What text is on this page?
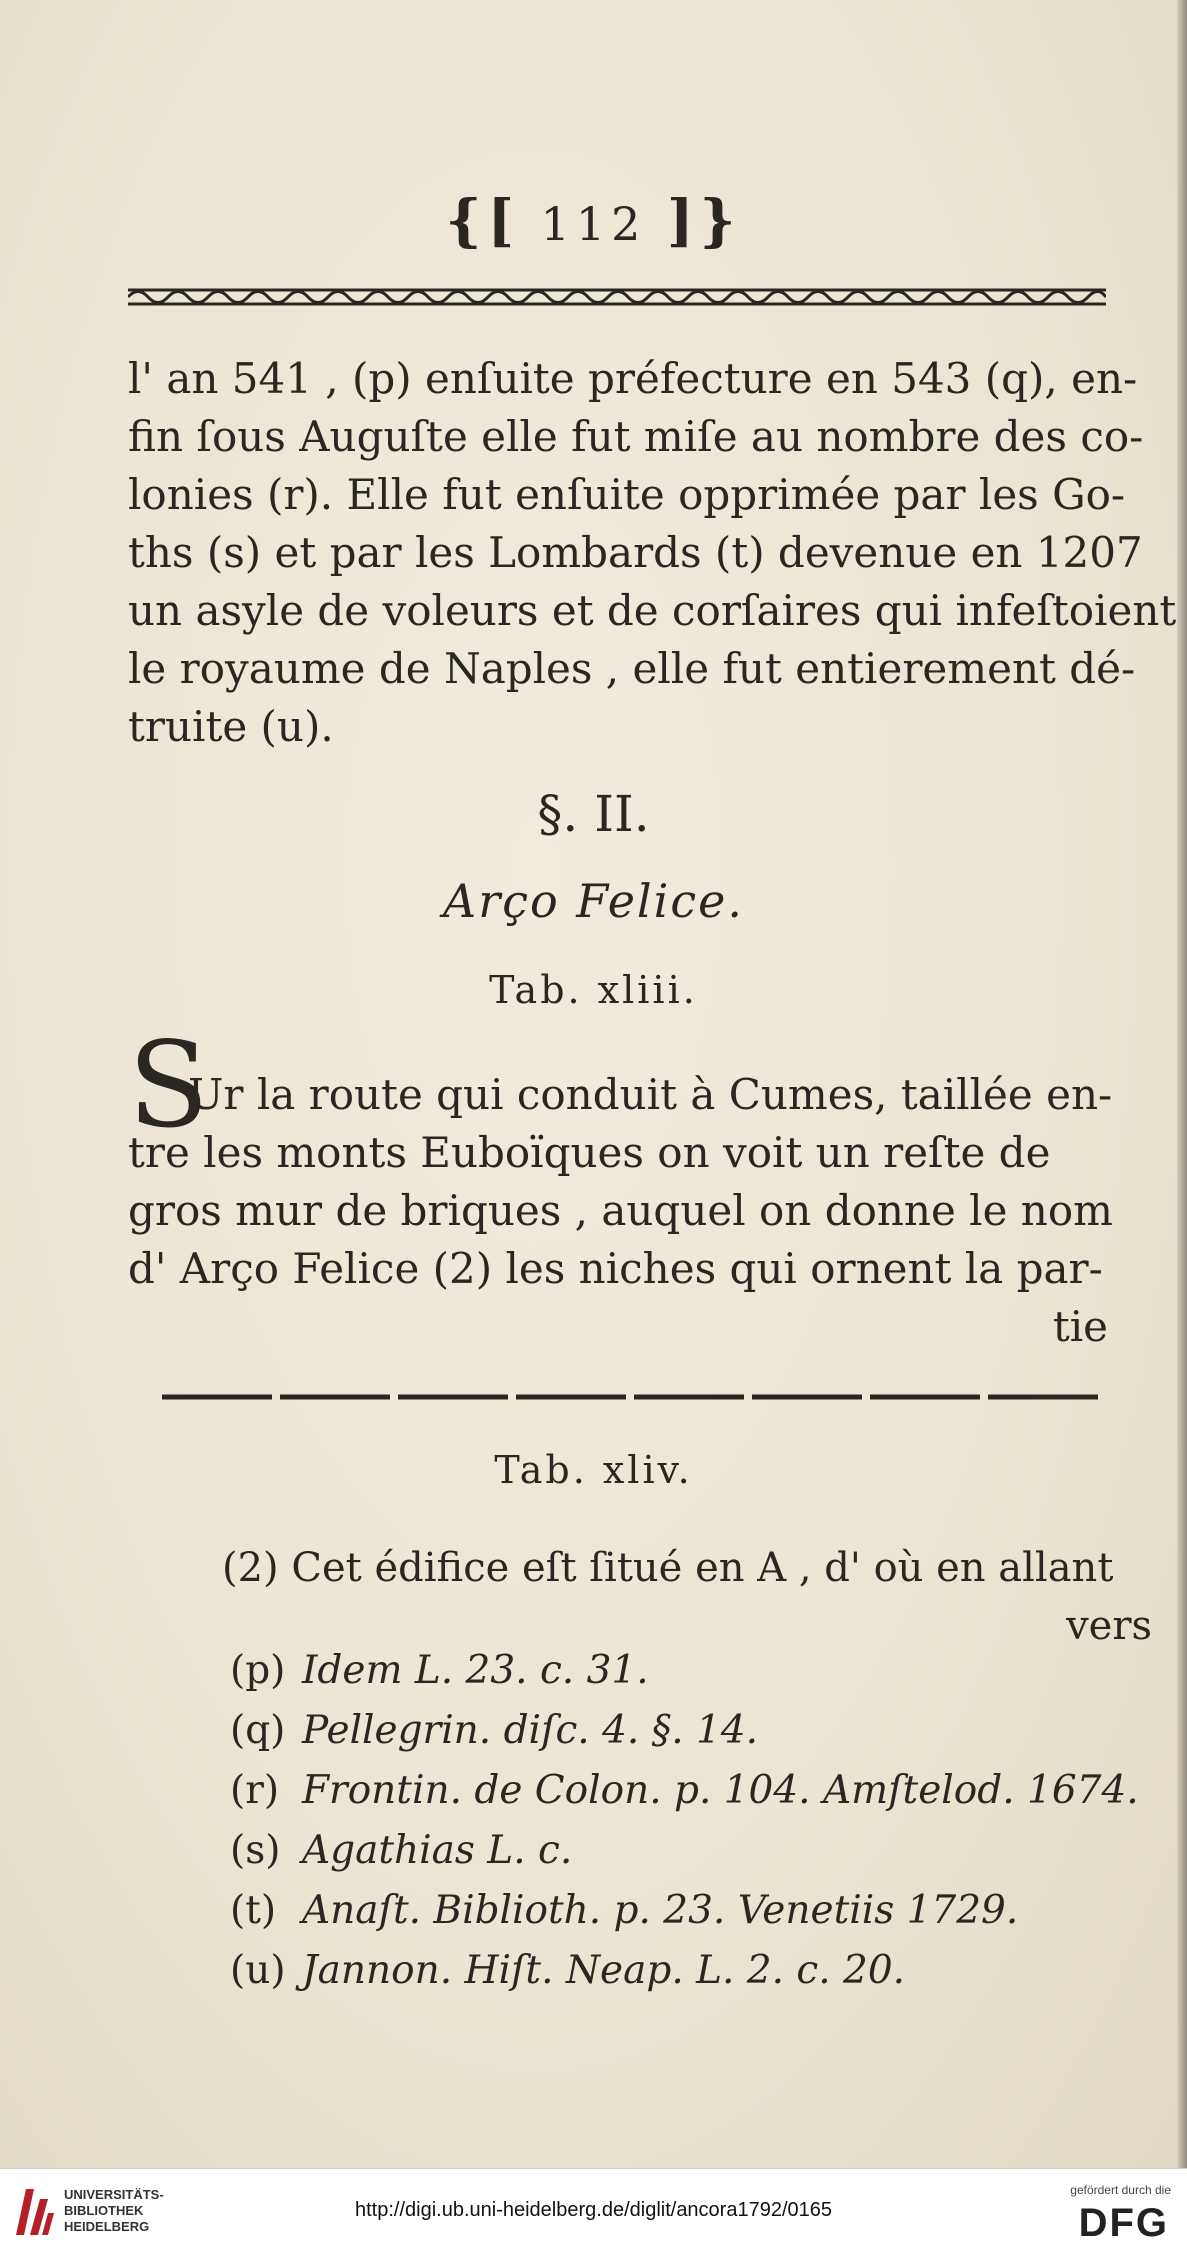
{[ 112 ]}
l' an 541 , (p) enſuite préfecture en 543 (q), en-
fin ſous Auguſte elle fut miſe au nombre des co-
lonies (r). Elle fut enſuite opprimée par les Go-
ths (s) et par les Lombards (t) devenue en 1207
un asyle de voleurs et de corſaires qui infeſtoient
le royaume de Naples , elle fut entierement dé-
truite (u).
§. II.
Arço Felice.
Tab. xliii.
S
Ur la route qui conduit à Cumes, taillée en-
tre les monts Euboïques on voit un reſte de
gros mur de briques , auquel on donne le nom
d' Arço Felice (2) les niches qui ornent la par-
tie
Tab. xliv.
(2) Cet édifice eſt ſitué en A , d' où en allant
vers
(p) Idem L. 23. c. 31.
(q) Pellegrin. diſc. 4. §. 14.
(r) Frontin. de Colon. p. 104. Amſtelod. 1674.
(s) Agathias L. c.
(t) Anaſt. Biblioth. p. 23. Venetiis 1729.
(u) Jannon. Hiſt. Neap. L. 2. c. 20.
UNIVERSITÄTS-
BIBLIOTHEK
HEIDELBERG
http://digi.ub.uni-heidelberg.de/diglit/ancora1792/0165
gefördert durch die
DFG
